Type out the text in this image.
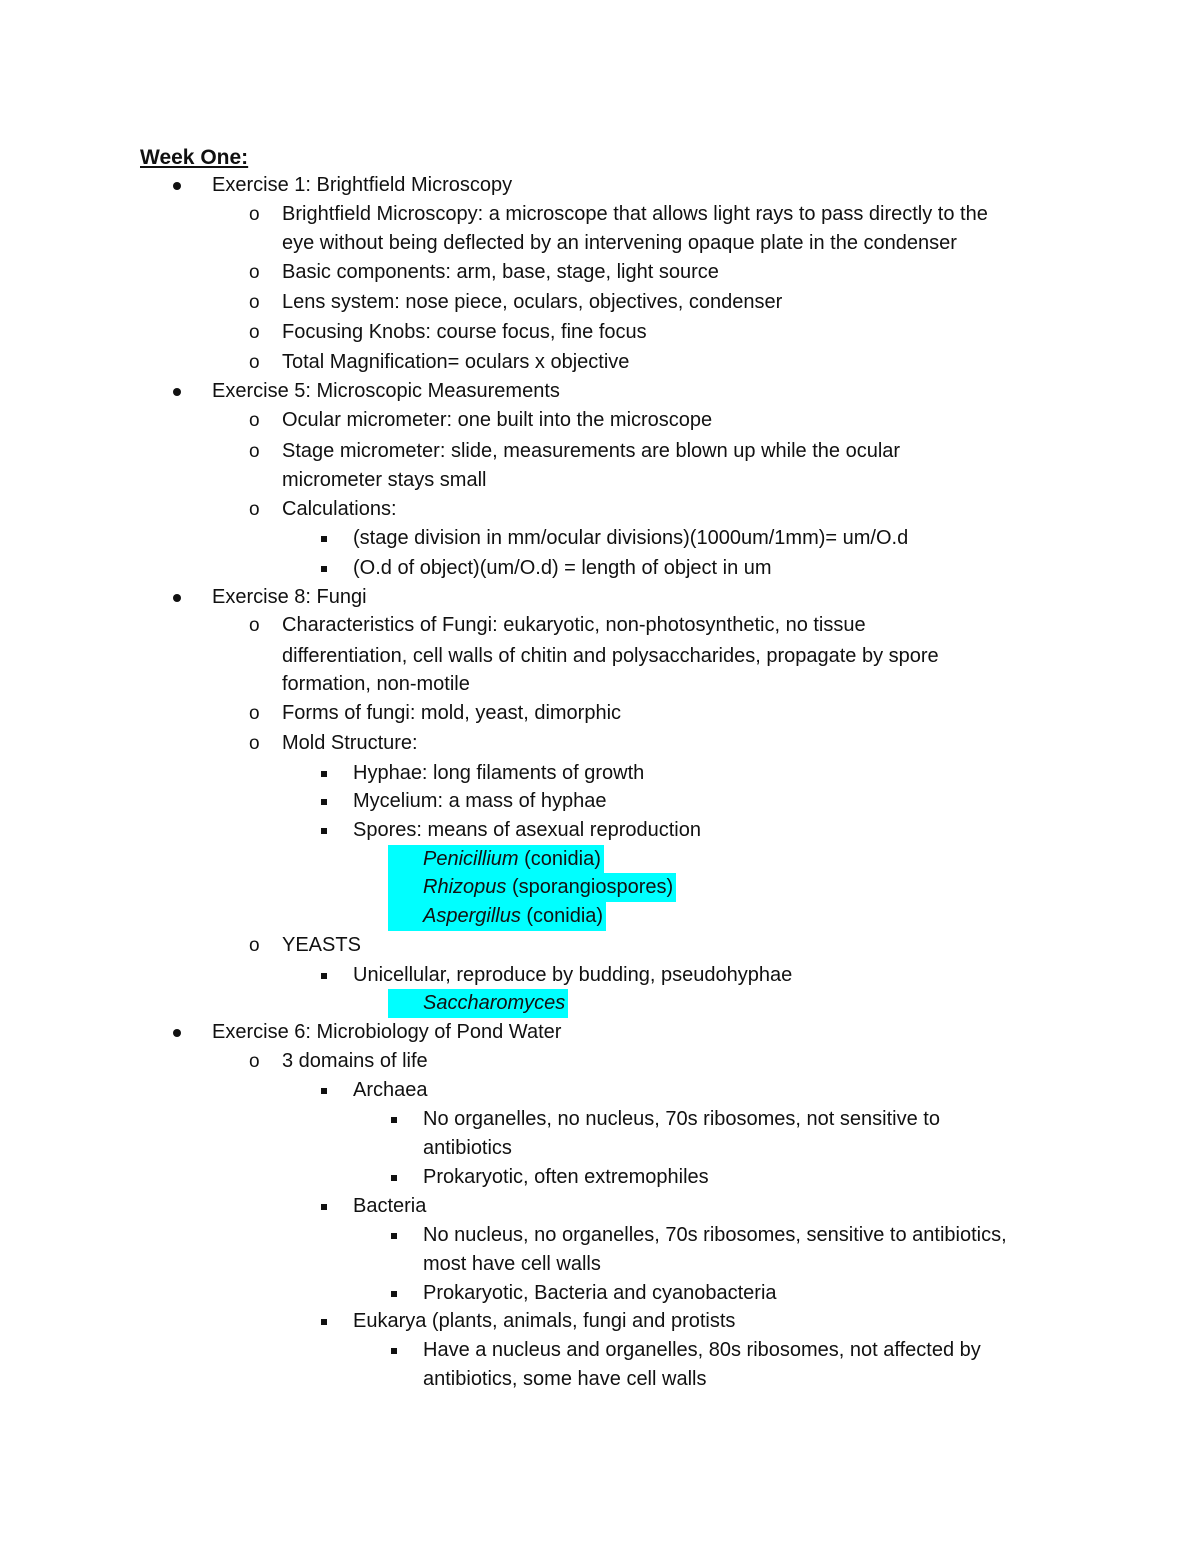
Week One:
Exercise 1: Brightfield Microscopy
o Brightfield Microscopy: a microscope that allows light rays to pass directly to the
eye without being deflected by an intervening opaque plate in the condenser
o Basic components: arm, base, stage, light source
o Lens system: nose piece, oculars, objectives, condenser
o Focusing Knobs: course focus, fine focus
o Total Magnification= oculars x objective
Exercise 5: Microscopic Measurements
o Ocular micrometer: one built into the microscope
o Stage micrometer: slide, measurements are blown up while the ocular
micrometer stays small
o Calculations:
(stage division in mm/ocular divisions)(1000um/1mm)= um/O.d
(O.d of object)(um/O.d) = length of object in um
Exercise 8: Fungi
o Characteristics of Fungi: eukaryotic, non-photosynthetic, no tissue
differentiation, cell walls of chitin and polysaccharides, propagate by spore
formation, non-motile
o Forms of fungi: mold, yeast, dimorphic
o Mold Structure:
Hyphae: long filaments of growth
Mycelium: a mass of hyphae
Spores: means of asexual reproduction
Penicillium (conidia)
Rhizopus (sporangiospores)
Aspergillus (conidia)
o YEASTS
Unicellular, reproduce by budding, pseudohyphae
Saccharomyces
Exercise 6: Microbiology of Pond Water
o 3 domains of life
Archaea
No organelles, no nucleus, 70s ribosomes, not sensitive to
antibiotics
Prokaryotic, often extremophiles
Bacteria
No nucleus, no organelles, 70s ribosomes, sensitive to antibiotics,
most have cell walls
Prokaryotic, Bacteria and cyanobacteria
Eukarya (plants, animals, fungi and protists
Have a nucleus and organelles, 80s ribosomes, not affected by
antibiotics, some have cell walls
